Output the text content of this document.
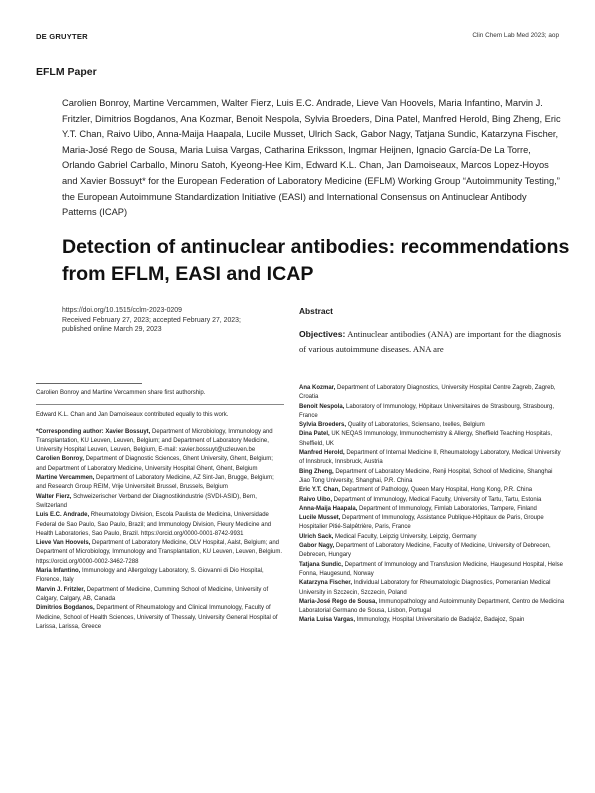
DE GRUYTER	Clin Chem Lab Med 2023; aop
EFLM Paper
Carolien Bonroy, Martine Vercammen, Walter Fierz, Luis E.C. Andrade, Lieve Van Hoovels, Maria Infantino, Marvin J. Fritzler, Dimitrios Bogdanos, Ana Kozmar, Benoit Nespola, Sylvia Broeders, Dina Patel, Manfred Herold, Bing Zheng, Eric Y.T. Chan, Raivo Uibo, Anna-Maija Haapala, Lucile Musset, Ulrich Sack, Gabor Nagy, Tatjana Sundic, Katarzyna Fischer, Maria-José Rego de Sousa, Maria Luisa Vargas, Catharina Eriksson, Ingmar Heijnen, Ignacio García-De La Torre, Orlando Gabriel Carballo, Minoru Satoh, Kyeong-Hee Kim, Edward K.L. Chan, Jan Damoiseaux, Marcos Lopez-Hoyos and Xavier Bossuyt* for the European Federation of Laboratory Medicine (EFLM) Working Group “Autoimmunity Testing,” the European Autoimmune Standardization Initiative (EASI) and International Consensus on Antinuclear Antibody Patterns (ICAP)
Detection of antinuclear antibodies: recommendations from EFLM, EASI and ICAP
https://doi.org/10.1515/cclm-2023-0209
Received February 27, 2023; accepted February 27, 2023;
published online March 29, 2023
Abstract
Objectives: Antinuclear antibodies (ANA) are important for the diagnosis of various autoimmune diseases. ANA are
Carolien Bonroy and Martine Vercammen share first authorship.
Edward K.L. Chan and Jan Damoiseaux contributed equally to this work.
*Corresponding author: Xavier Bossuyt, Department of Microbiology, Immunology and Transplantation, KU Leuven, Leuven, Belgium; and Department of Laboratory Medicine, University Hospital Leuven, Leuven, Belgium, E-mail: xavier.bossuyt@uzleuven.be
Carolien Bonroy, Department of Diagnostic Sciences, Ghent University, Ghent, Belgium; and Department of Laboratory Medicine, University Hospital Ghent, Ghent, Belgium
Martine Vercammen, Department of Laboratory Medicine, AZ Sint-Jan, Brugge, Belgium; and Research Group REIM, Vrije Universiteit Brussel, Brussels, Belgium
Walter Fierz, Schweizerischer Verband der Diagnostikindustrie (SVDI-ASID), Bern, Switzerland
Luis E.C. Andrade, Rheumatology Division, Escola Paulista de Medicina, Universidade Federal de Sao Paulo, Sao Paulo, Brazil; and Immunology Division, Fleury Medicine and Health Laboratories, Sao Paulo, Brazil. https://orcid.org/0000-0001-8742-9931
Lieve Van Hoovels, Department of Laboratory Medicine, OLV Hospital, Aalst, Belgium; and Department of Microbiology, Immunology and Transplantation, KU Leuven, Leuven, Belgium. https://orcid.org/0000-0002-3462-7288
Maria Infantino, Immunology and Allergology Laboratory, S. Giovanni di Dio Hospital, Florence, Italy
Marvin J. Fritzler, Department of Medicine, Cumming School of Medicine, University of Calgary, Calgary, AB, Canada
Dimitrios Bogdanos, Department of Rheumatology and Clinical Immunology, Faculty of Medicine, School of Health Sciences, University of Thessaly, University General Hospital of Larissa, Larissa, Greece
Ana Kozmar, Department of Laboratory Diagnostics, University Hospital Centre Zagreb, Zagreb, Croatia
Benoit Nespola, Laboratory of Immunology, Hôpitaux Universitaires de Strasbourg, Strasbourg, France
Sylvia Broeders, Quality of Laboratories, Sciensano, Ixelles, Belgium
Dina Patel, UK NEQAS Immunology, Immunochemistry & Allergy, Sheffield Teaching Hospitals, Sheffield, UK
Manfred Herold, Department of Internal Medicine II, Rheumatology Laboratory, Medical University of Innsbruck, Innsbruck, Austria
Bing Zheng, Department of Laboratory Medicine, Renji Hospital, School of Medicine, Shanghai Jiao Tong University, Shanghai, P.R. China
Eric Y.T. Chan, Department of Pathology, Queen Mary Hospital, Hong Kong, P.R. China
Raivo Uibo, Department of Immunology, Medical Faculty, University of Tartu, Tartu, Estonia
Anna-Maija Haapala, Department of Immunology, Fimlab Laboratories, Tampere, Finland
Lucile Musset, Department of Immunology, Assistance Publique-Hôpitaux de Paris, Groupe Hospitalier Pitié-Salpêtrière, Paris, France
Ulrich Sack, Medical Faculty, Leipzig University, Leipzig, Germany
Gabor Nagy, Department of Laboratory Medicine, Faculty of Medicine, University of Debrecen, Debrecen, Hungary
Tatjana Sundic, Department of Immunology and Transfusion Medicine, Haugesund Hospital, Helse Fonna, Haugesund, Norway
Katarzyna Fischer, Individual Laboratory for Rheumatologic Diagnostics, Pomeranian Medical University in Szczecin, Szczecin, Poland
Maria-José Rego de Sousa, Immunopathology and Autoimmunity Department, Centro de Medicina Laboratorial Germano de Sousa, Lisbon, Portugal
Maria Luisa Vargas, Immunology, Hospital Universitario de Badajóz, Badajoz, Spain
